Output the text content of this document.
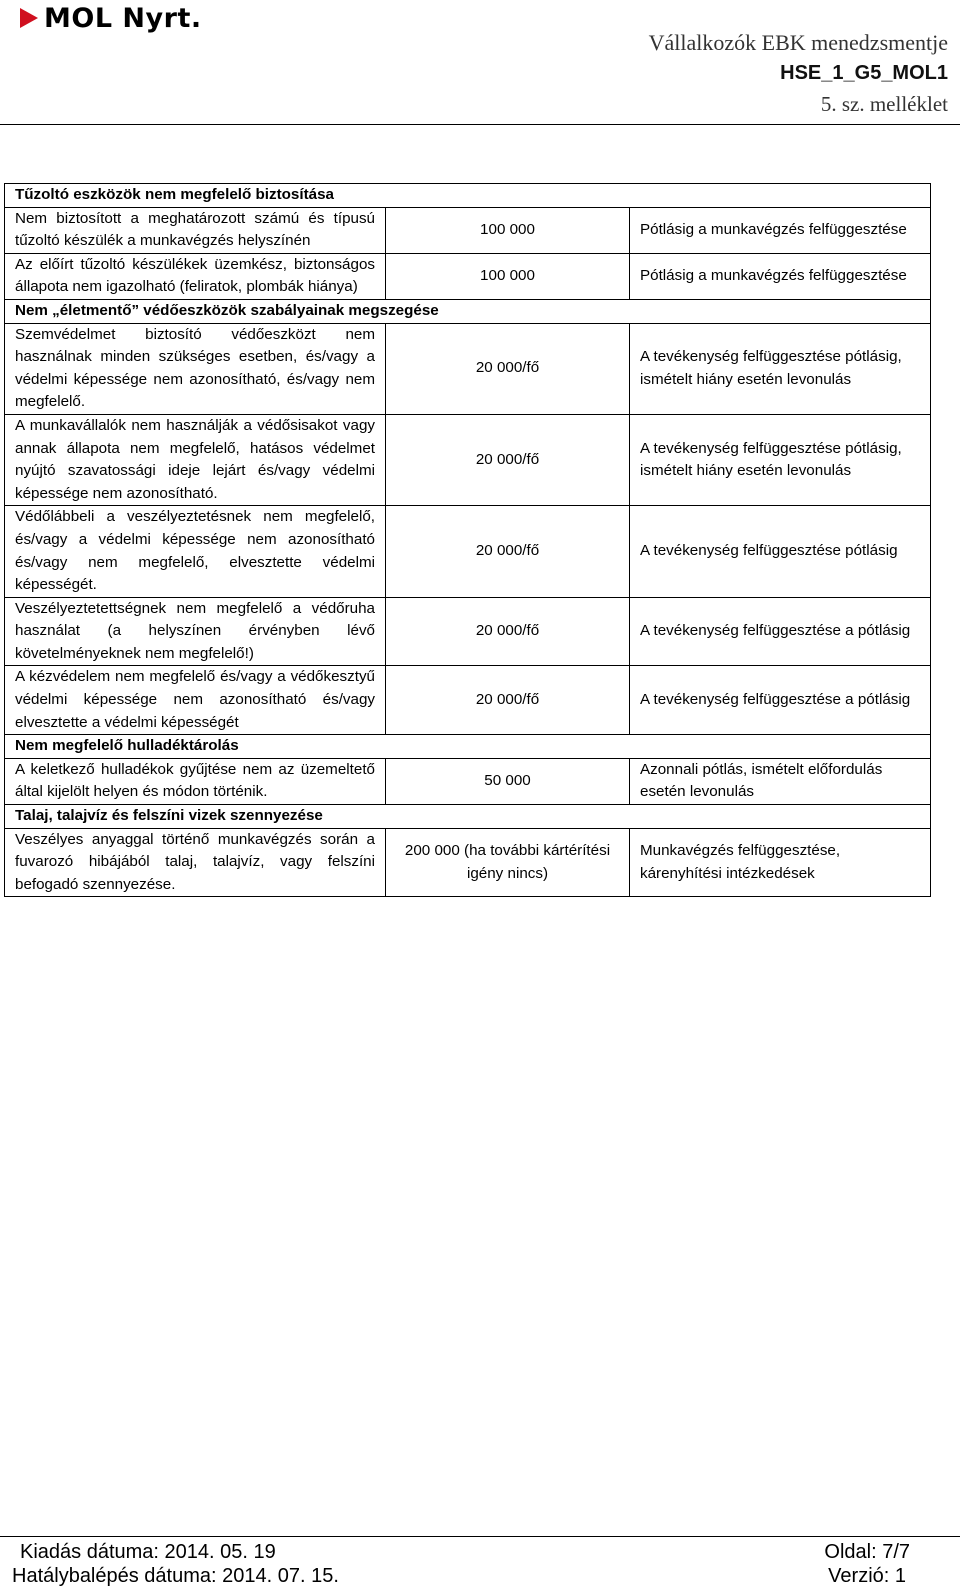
MOL Nyrt.
Vállalkozók EBK menedzsmentje
HSE_1_G5_MOL1
5. sz. melléklet
Tűzoltó eszközök nem megfelelő biztosítása		
Nem biztosított a meghatározott számú és típusú tűzoltó készülék a munkavégzés helyszínén	100 000	Pótlásig a munkavégzés felfüggesztése
Az előírt tűzoltó készülékek üzemkész, biztonságos állapota nem igazolható (feliratok, plombák hiánya)	100 000	Pótlásig a munkavégzés felfüggesztése
Nem „életmentő” védőeszközök szabályainak megszegése		
Szemvédelmet biztosító védőeszközt nem használnak minden szükséges esetben, és/vagy a védelmi képessége nem azonosítható, és/vagy nem megfelelő.	20 000/fő	A tevékenység felfüggesztése pótlásig, ismételt hiány esetén levonulás
A munkavállalók nem használják a védősisakot vagy annak állapota nem megfelelő, hatásos védelmet nyújtó szavatossági ideje lejárt és/vagy védelmi képessége nem azonosítható.	20 000/fő	A tevékenység felfüggesztése pótlásig, ismételt hiány esetén levonulás
Védőlábbeli a veszélyeztetésnek nem megfelelő, és/vagy a védelmi képessége nem azonosítható és/vagy nem megfelelő, elvesztette védelmi képességét.	20 000/fő	A tevékenység felfüggesztése pótlásig
Veszélyeztetettségnek nem megfelelő a védőruha használat (a helyszínen érvényben lévő követelményeknek nem megfelelő!)	20 000/fő	A tevékenység felfüggesztése a pótlásig
A kézvédelem nem megfelelő és/vagy a védőkesztyű védelmi képessége nem azonosítható és/vagy elvesztette a védelmi képességét	20 000/fő	A tevékenység felfüggesztése a pótlásig
Nem megfelelő hulladéktárolás		
A keletkező hulladékok gyűjtése nem az üzemeltető által kijelölt helyen és módon történik.	50 000	Azonnali pótlás, ismételt előfordulás esetén levonulás
Talaj, talajvíz és felszíni vizek szennyezése		
Veszélyes anyaggal történő munkavégzés során a fuvarozó hibájából talaj, talajvíz, vagy felszíni befogadó szennyezése.	200 000 (ha további kártérítési igény nincs)	Munkavégzés felfüggesztése, kárenyhítési intézkedések
Kiadás dátuma: 2014. 05. 19
Hatálybalépés dátuma: 2014. 07. 15.
Oldal: 7/7
Verzió: 1
